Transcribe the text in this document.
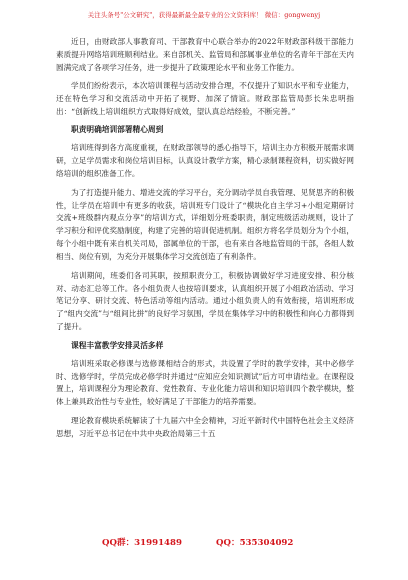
关注头条号"公文研究"，获得最新最全最专业的公文资料库！ 微信：gongwenyj

近日，由财政部人事教育司、干部教育中心联合举办的2022年财政部科级干部能力素质提升网络培训班顺利结业。来自部机关、监管局和部属事业单位的名青年干部在天内圆满完成了各项学习任务，进一步提升了政策理论水平和业务工作能力。

学员们纷纷表示，本次培训课程与活动安排合理，不仅提升了知识水平和专业能力，还在特色学习和交流活动中开拓了视野、加深了情谊。财政部监管局彭长朱忠明指出：“创新线上培训组织方式取得好成效，望认真总结经验，不断完善。”

职责明确培训部署精心周到

培训班得到各方高度重视，在财政部领导的悉心指导下，培训主办方积极开展需求调研，立足学员需求和岗位培训目标，认真设计教学方案，精心录制课程资料，切实做好网络培训的组织准备工作。

为了打造提升能力、增进交流的学习平台，充分调动学员自我管理、见贤思齐的积极性，让学员在培训中有更多的收获，培训班专门设计了“模块化自主学习+小组定期研讨交流+班级群内观点分享”的培训方式，详细划分班委职责，制定班级活动规则，设计了学习积分和评优奖励制度，构建了完善的培训促进机制。组织方将名学员划分为个小组，每个小组中既有来自机关司局，部属单位的干部，也有来自各地监管局的干部，各组人数相当、岗位有别，为充分开展集体学习交流创造了有利条件。

培训期间，班委们各司其职，按照职责分工，积极协调做好学习进度安排、积分核对、动态汇总等工作。各小组负责人也按培训要求，认真组织开展了小组政冶活动、学习笔记分享、研讨交流、特色活动等组内活动。通过小组负责人的有效衔接，培训班形成了“组内交流”与“组间比拼”的良好学习氛围，学员在集体学习中的积极性和向心力都得到了提升。

课程丰富教学安排灵活多样

培训班采取必修课与选修课相结合的形式，共设置了学时的教学安排，其中必修学时、选修学时，学员完成必修学时并通过“应知应会知识测试”后方可申请结业。在课程设置上，培训课程分为理论教育、党性教育、专业化能力培训和知识培训四个教学模块，整体上兼具政治性与专业性，较好满足了干部能力的培养需要。

理论教育模块系统解读了十九届六中全会精神，习近平新时代中国特色社会主义经济思想，习近平总书记在中共中央政治局第三十五

QQ群：31991489	QQ：535304092
